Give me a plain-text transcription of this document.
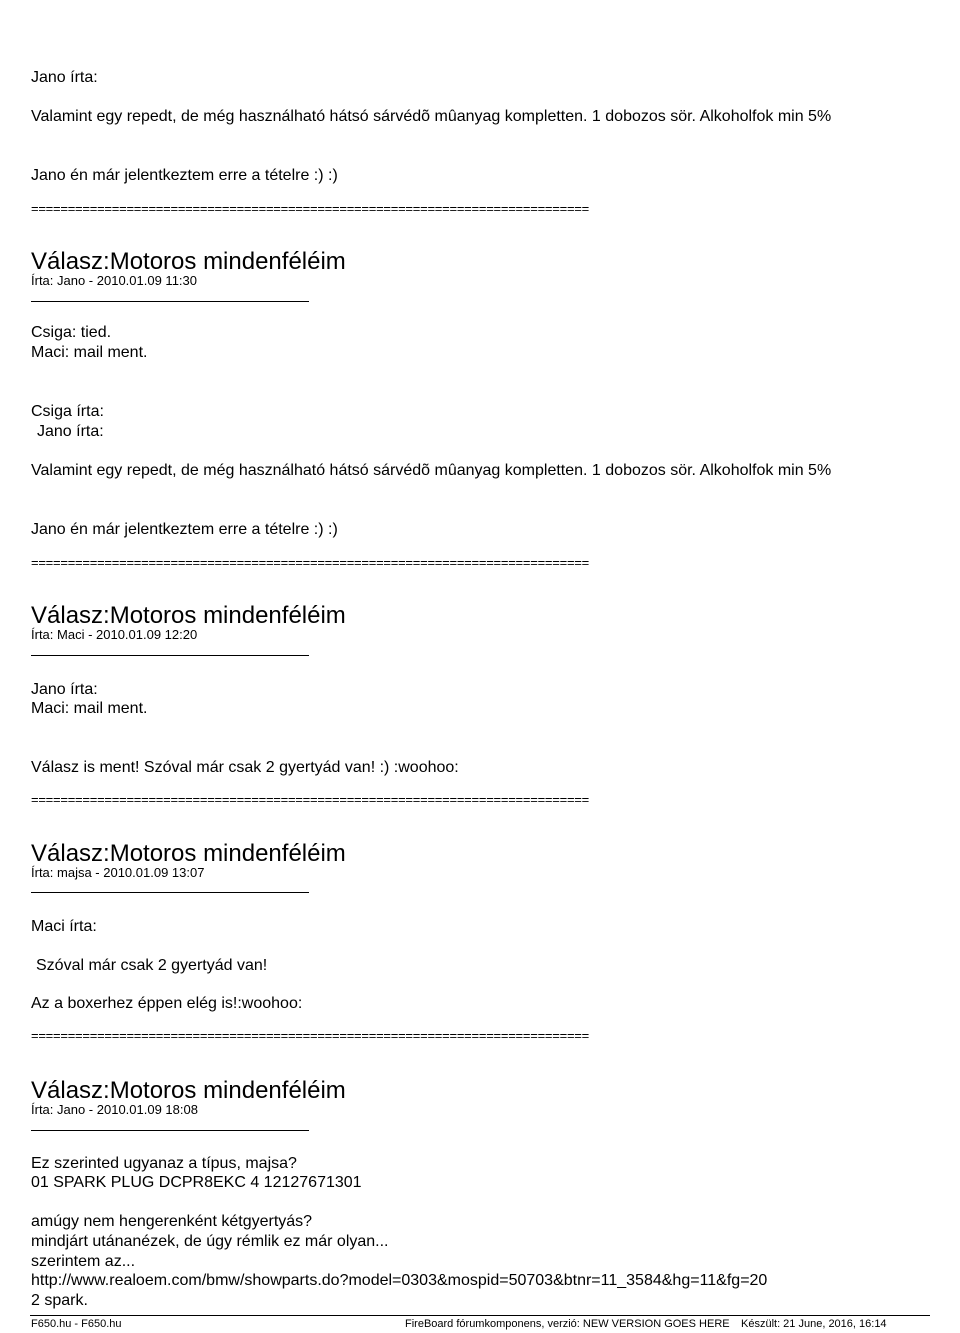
Jano írta:
Valamint egy repedt, de még használható hátsó sárvédõ mûanyag kompletten. 1 dobozos sör. Alkoholfok min 5%
Jano én már jelentkeztem erre a tételre :) :)
============================================================================
Válasz:Motoros mindenféléim
Írta: Jano - 2010.01.09 11:30
Csiga: tied.
Maci: mail ment.
Csiga írta:
Jano írta:
Valamint egy repedt, de még használható hátsó sárvédõ mûanyag kompletten. 1 dobozos sör. Alkoholfok min 5%
Jano én már jelentkeztem erre a tételre :) :)
============================================================================
Válasz:Motoros mindenféléim
Írta: Maci - 2010.01.09 12:20
Jano írta:
Maci: mail ment.
Válasz is ment! Szóval már csak 2 gyertyád van! :) :woohoo:
============================================================================
Válasz:Motoros mindenféléim
Írta: majsa - 2010.01.09 13:07
Maci írta:
Szóval már csak 2 gyertyád van!
Az a boxerhez éppen elég is!:woohoo:
============================================================================
Válasz:Motoros mindenféléim
Írta: Jano - 2010.01.09 18:08
Ez szerinted ugyanaz a típus, majsa?
01 SPARK PLUG DCPR8EKC 4 12127671301
amúgy nem hengerenként kétgyertyás?
mindjárt utánanézek, de úgy rémlik ez már olyan...
szerintem az...
http://www.realoem.com/bmw/showparts.do?model=0303&mospid=50703&btnr=11_3584&hg=11&fg=20
2 spark.
F650.hu - F650.hu	FireBoard fórumkomponens, verzió: NEW VERSION GOES HERE Készült: 21 June, 2016, 16:14
